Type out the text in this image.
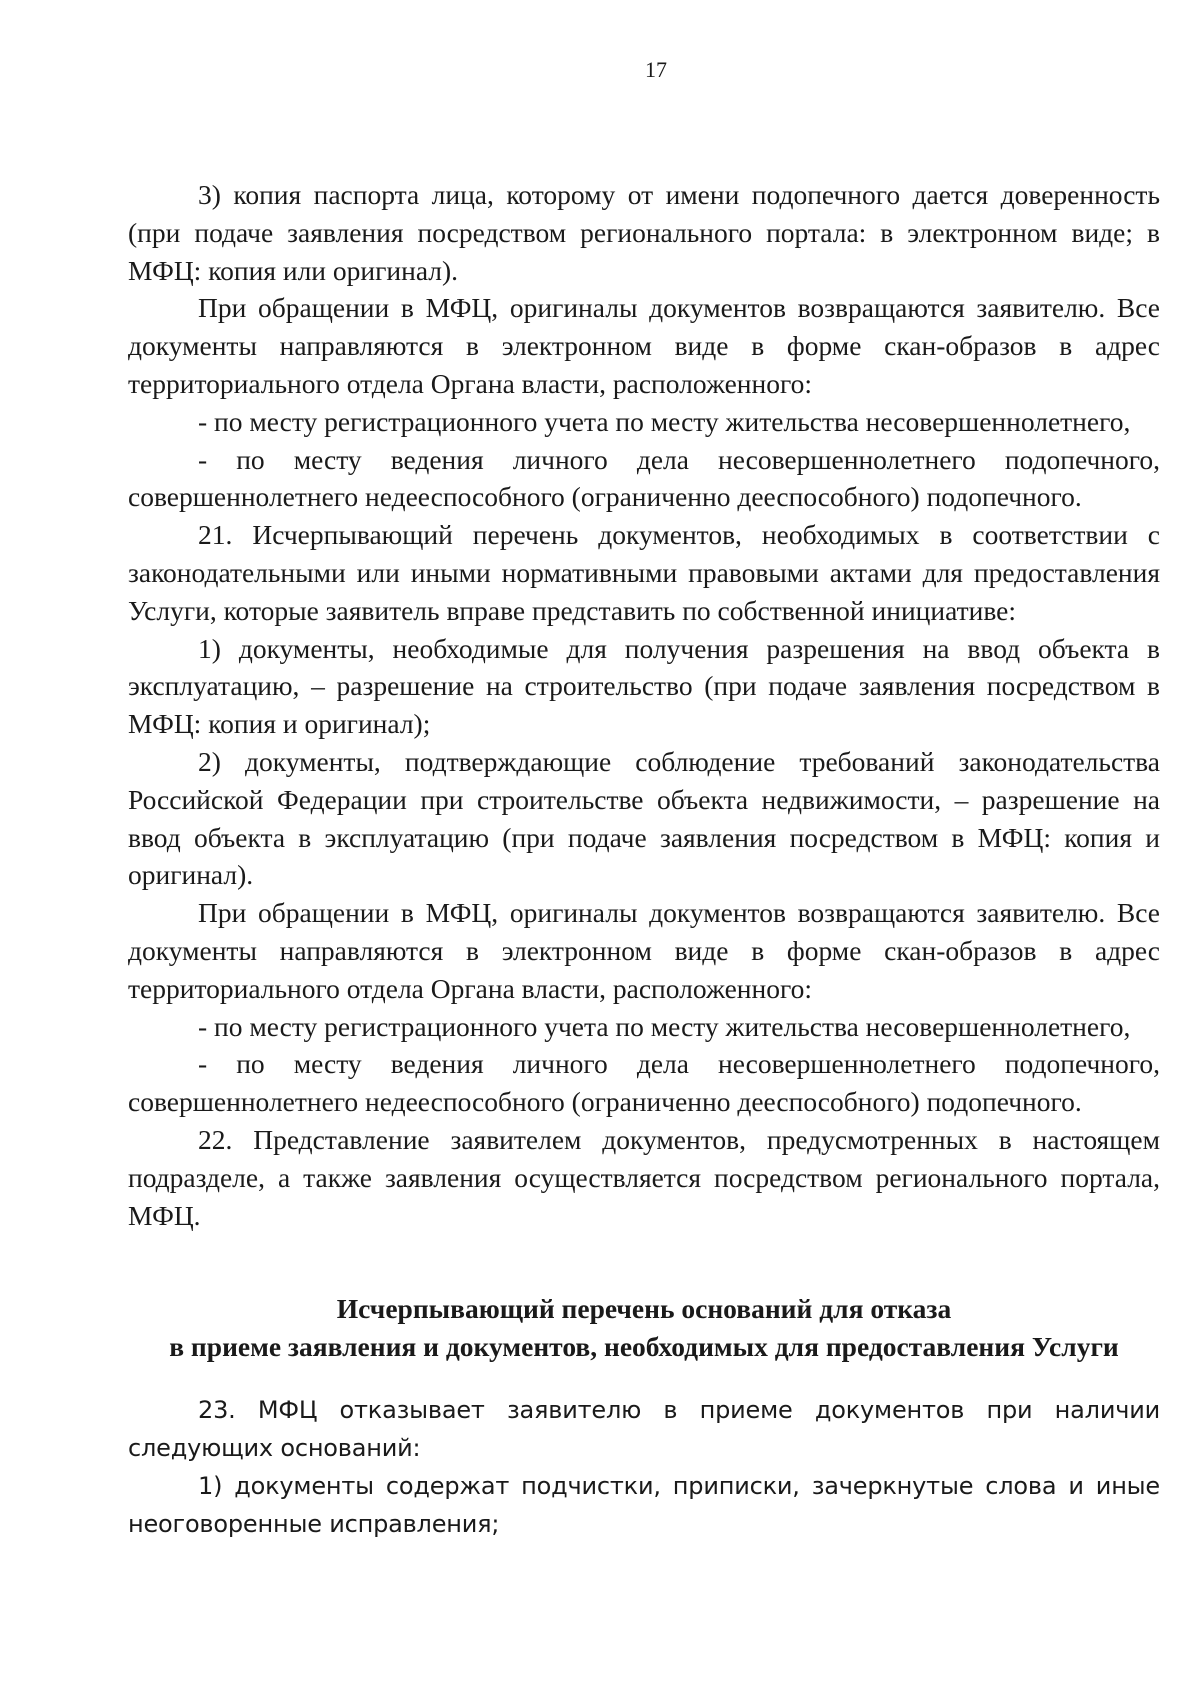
17

3) копия паспорта лица, которому от имени подопечного дается доверенность (при подаче заявления посредством регионального портала: в электронном виде; в МФЦ: копия или оригинал).

При обращении в МФЦ, оригиналы документов возвращаются заявителю. Все документы направляются в электронном виде в форме скан-образов в адрес территориального отдела Органа власти, расположенного:

- по месту регистрационного учета по месту жительства несовершеннолетнего,

- по месту ведения личного дела несовершеннолетнего подопечного, совершеннолетнего недееспособного (ограниченно дееспособного) подопечного.

21. Исчерпывающий перечень документов, необходимых в соответствии с законодательными или иными нормативными правовыми актами для предоставления Услуги, которые заявитель вправе представить по собственной инициативе:

1) документы, необходимые для получения разрешения на ввод объекта в эксплуатацию, – разрешение на строительство (при подаче заявления посредством в МФЦ: копия и оригинал);

2) документы, подтверждающие соблюдение требований законодательства Российской Федерации при строительстве объекта недвижимости, – разрешение на ввод объекта в эксплуатацию (при подаче заявления посредством в МФЦ: копия и оригинал).

При обращении в МФЦ, оригиналы документов возвращаются заявителю. Все документы направляются в электронном виде в форме скан-образов в адрес территориального отдела Органа власти, расположенного:

- по месту регистрационного учета по месту жительства несовершеннолетнего,

- по месту ведения личного дела несовершеннолетнего подопечного, совершеннолетнего недееспособного (ограниченно дееспособного) подопечного.

22. Представление заявителем документов, предусмотренных в настоящем подразделе, а также заявления осуществляется посредством регионального портала, МФЦ.

Исчерпывающий перечень оснований для отказа
в приеме заявления и документов, необходимых для предоставления Услуги

23. МФЦ отказывает заявителю в приеме документов при наличии следующих оснований:

1) документы содержат подчистки, приписки, зачеркнутые слова и иные неоговоренные исправления;
